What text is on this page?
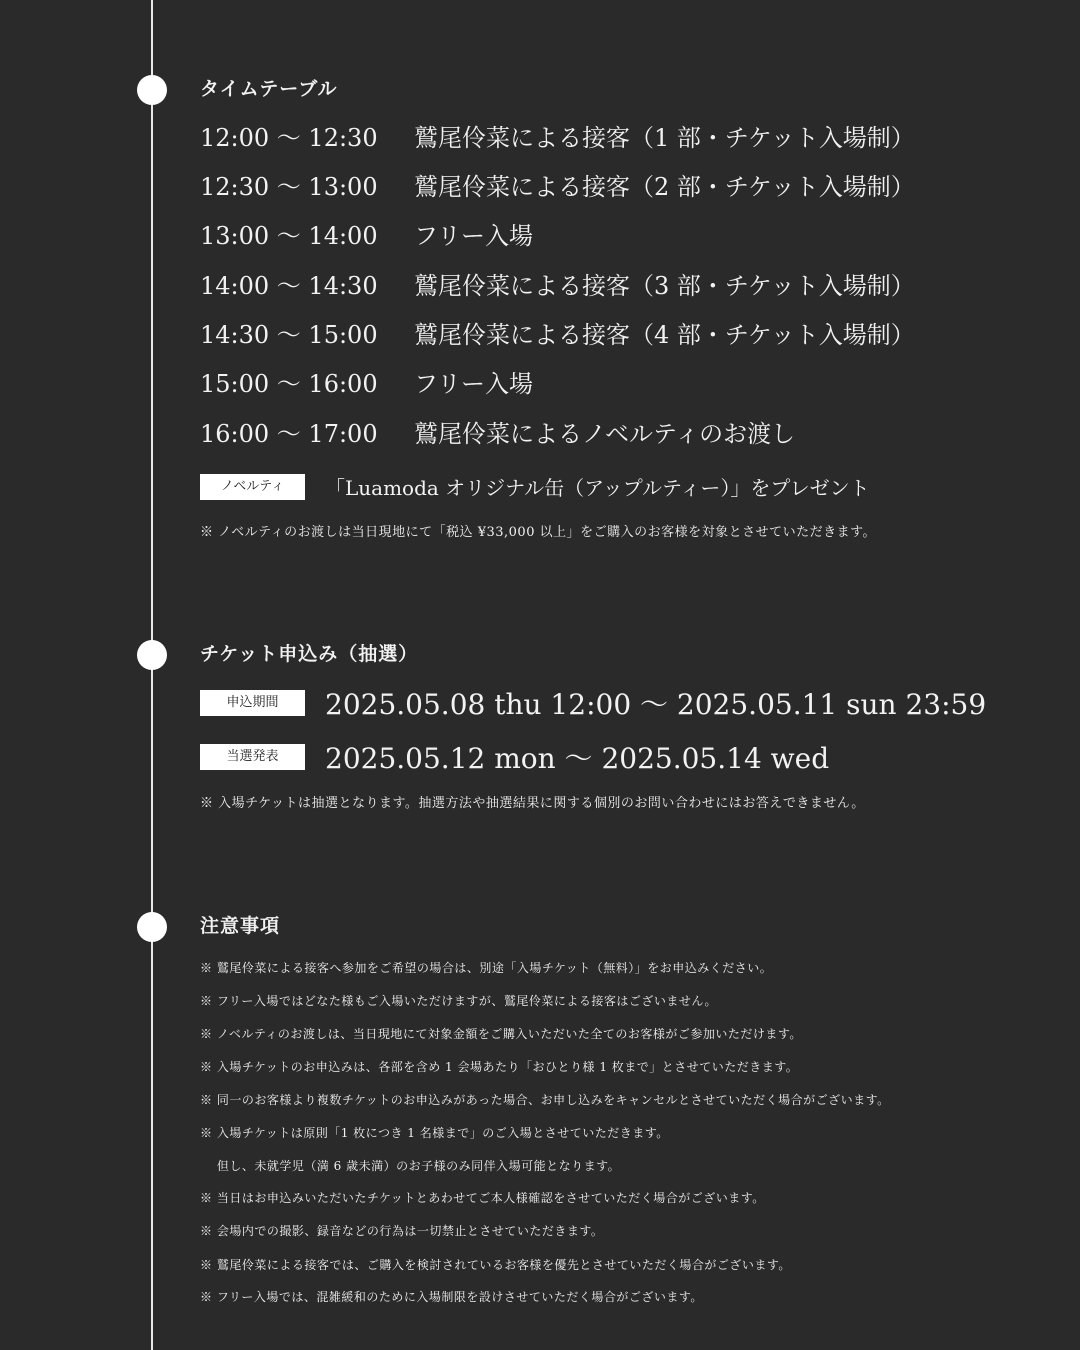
タイムテーブル
12:00 〜 12:30 鷲尾伶菜による接客（1 部・チケット入場制）
12:30 〜 13:00 鷲尾伶菜による接客（2 部・チケット入場制）
13:00 〜 14:00 フリー入場
14:00 〜 14:30 鷲尾伶菜による接客（3 部・チケット入場制）
14:30 〜 15:00 鷲尾伶菜による接客（4 部・チケット入場制）
15:00 〜 16:00 フリー入場
16:00 〜 17:00 鷲尾伶菜によるノベルティのお渡し
ノベルティ 「Luamoda オリジナル缶（アップルティー）」をプレゼント
※ ノベルティのお渡しは当日現地にて「税込 ¥33,000 以上」をご購入のお客様を対象とさせていただきます。
チケット申込み（抽選）
申込期間 2025.05.08 thu 12:00 〜 2025.05.11 sun 23:59
当選発表 2025.05.12 mon 〜 2025.05.14 wed
※ 入場チケットは抽選となります。抽選方法や抽選結果に関する個別のお問い合わせにはお答えできません。
注意事項
※ 鷲尾伶菜による接客へ参加をご希望の場合は、別途「入場チケット（無料）」をお申込みください。
※ フリー入場ではどなた様もご入場いただけますが、鷲尾伶菜による接客はございません。
※ ノベルティのお渡しは、当日現地にて対象金額をご購入いただいた全てのお客様がご参加いただけます。
※ 入場チケットのお申込みは、各部を含め 1 会場あたり「おひとり様 1 枚まで」とさせていただきます。
※ 同一のお客様より複数チケットのお申込みがあった場合、お申し込みをキャンセルとさせていただく場合がございます。
※ 入場チケットは原則「1 枚につき 1 名様まで」のご入場とさせていただきます。
　 但し、未就学児（満 6 歳未満）のお子様のみ同伴入場可能となります。
※ 当日はお申込みいただいたチケットとあわせてご本人様確認をさせていただく場合がございます。
※ 会場内での撮影、録音などの行為は一切禁止とさせていただきます。
※ 鷲尾伶菜による接客では、ご購入を検討されているお客様を優先とさせていただく場合がございます。
※ フリー入場では、混雑緩和のために入場制限を設けさせていただく場合がございます。
